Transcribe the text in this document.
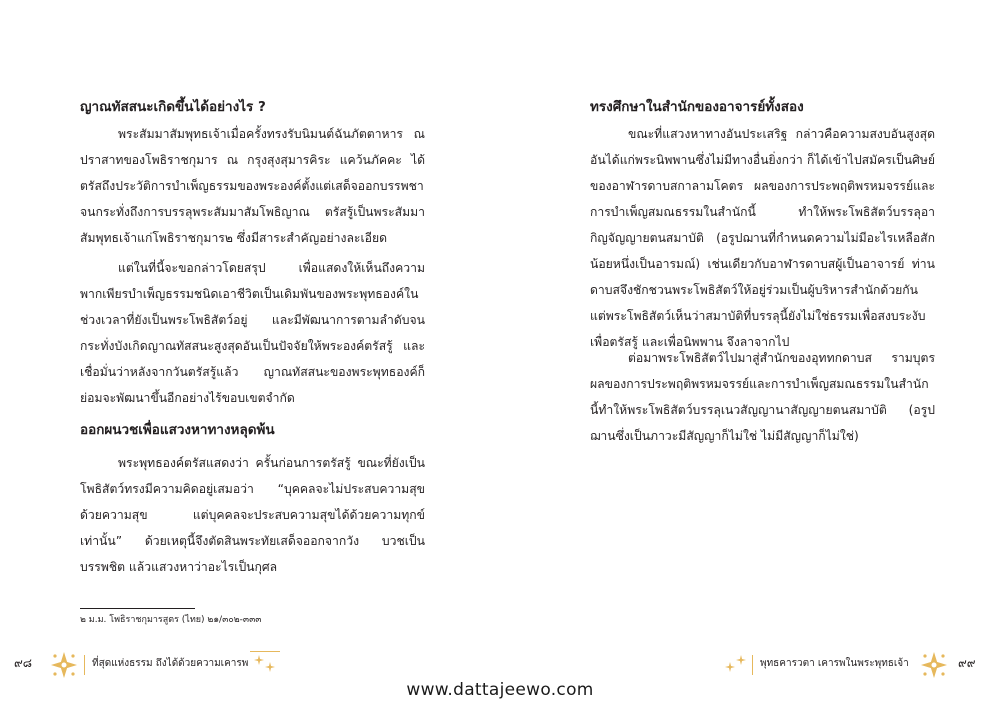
ญาณทัสสนะเกิดขึ้นได้อย่างไร ?

พระสัมมาสัมพุทธเจ้าเมื่อครั้งทรงรับนิมนต์ฉันภัตตาหาร ณ ปราสาทของโพธิราชกุมาร ณ กรุงสุงสุมารคิระ แคว้นภัคคะ ได้ตรัสถึงประวัติการบำเพ็ญธรรมของพระองค์ตั้งแต่เสด็จออกบรรพชาจนกระทั่งถึงการบรรลุพระสัมมาสัมโพธิญาณ ตรัสรู้เป็นพระสัมมาสัมพุทธเจ้าแก่โพธิราชกุมาร๒ ซึ่งมีสาระสำคัญอย่างละเอียด

แต่ในที่นี้จะขอกล่าวโดยสรุป เพื่อแสดงให้เห็นถึงความพากเพียรบำเพ็ญธรรมชนิดเอาชีวิตเป็นเดิมพันของพระพุทธองค์ในช่วงเวลาที่ยังเป็นพระโพธิสัตว์อยู่ และมีพัฒนาการตามลำดับจนกระทั่งบังเกิดญาณทัสสนะสูงสุดอันเป็นปัจจัยให้พระองค์ตรัสรู้ และเชื่อมั่นว่าหลังจากวันตรัสรู้แล้ว ญาณทัสสนะของพระพุทธองค์ก็ย่อมจะพัฒนาขึ้นอีกอย่างไร้ขอบเขตจำกัด

ออกผนวชเพื่อแสวงหาทางหลุดพ้น

พระพุทธองค์ตรัสแสดงว่า ครั้นก่อนการตรัสรู้ ขณะที่ยังเป็นโพธิสัตว์ทรงมีความคิดอยู่เสมอว่า “บุคคลจะไม่ประสบความสุขด้วยความสุข แต่บุคคลจะประสบความสุขได้ด้วยความทุกข์เท่านั้น” ด้วยเหตุนี้จึงตัดสินพระทัยเสด็จออกจากวัง บวชเป็นบรรพชิต แล้วแสวงหาว่าอะไรเป็นกุศล

๒ ม.ม. โพธิราชกุมารสูตร (ไทย) ๒๑/๓๐๒-๓๓๓
ทรงศึกษาในสำนักของอาจารย์ทั้งสอง

ขณะที่แสวงหาทางอันประเสริฐ กล่าวคือความสงบอันสูงสุด อันได้แก่พระนิพพานซึ่งไม่มีทางอื่นยิ่งกว่า ก็ได้เข้าไปสมัครเป็นศิษย์ของอาฬารดาบสกาลามโคตร ผลของการประพฤติพรหมจรรย์และการบำเพ็ญสมณธรรมในสำนักนี้ ทำให้พระโพธิสัตว์บรรลุอากิญจัญญายตนสมาบัติ (อรูปฌานที่กำหนดความไม่มีอะไรเหลือสักน้อยหนึ่งเป็นอารมณ์) เช่นเดียวกับอาฬารดาบสผู้เป็นอาจารย์ ท่านดาบสจึงชักชวนพระโพธิสัตว์ให้อยู่ร่วมเป็นผู้บริหารสำนักด้วยกัน แต่พระโพธิสัตว์เห็นว่าสมาบัติที่บรรลุนี้ยังไม่ใช่ธรรมเพื่อสงบระงับ เพื่อตรัสรู้ และเพื่อนิพพาน จึงลาจากไป

ต่อมาพระโพธิสัตว์ไปมาสู่สำนักของอุททกดาบส รามบุตร ผลของการประพฤติพรหมจรรย์และการบำเพ็ญสมณธรรมในสำนักนี้ทำให้พระโพธิสัตว์บรรลุเนวสัญญานาสัญญายตนสมาบัติ (อรูปฌานซึ่งเป็นภาวะมีสัญญาก็ไม่ใช่ ไม่มีสัญญาก็ไม่ใช่)

๙๘	ที่สุดแห่งธรรม ถึงได้ด้วยความเคารพ	พุทธคารวตา เคารพในพระพุทธเจ้า	๙๙
www.dattajeewo.com
